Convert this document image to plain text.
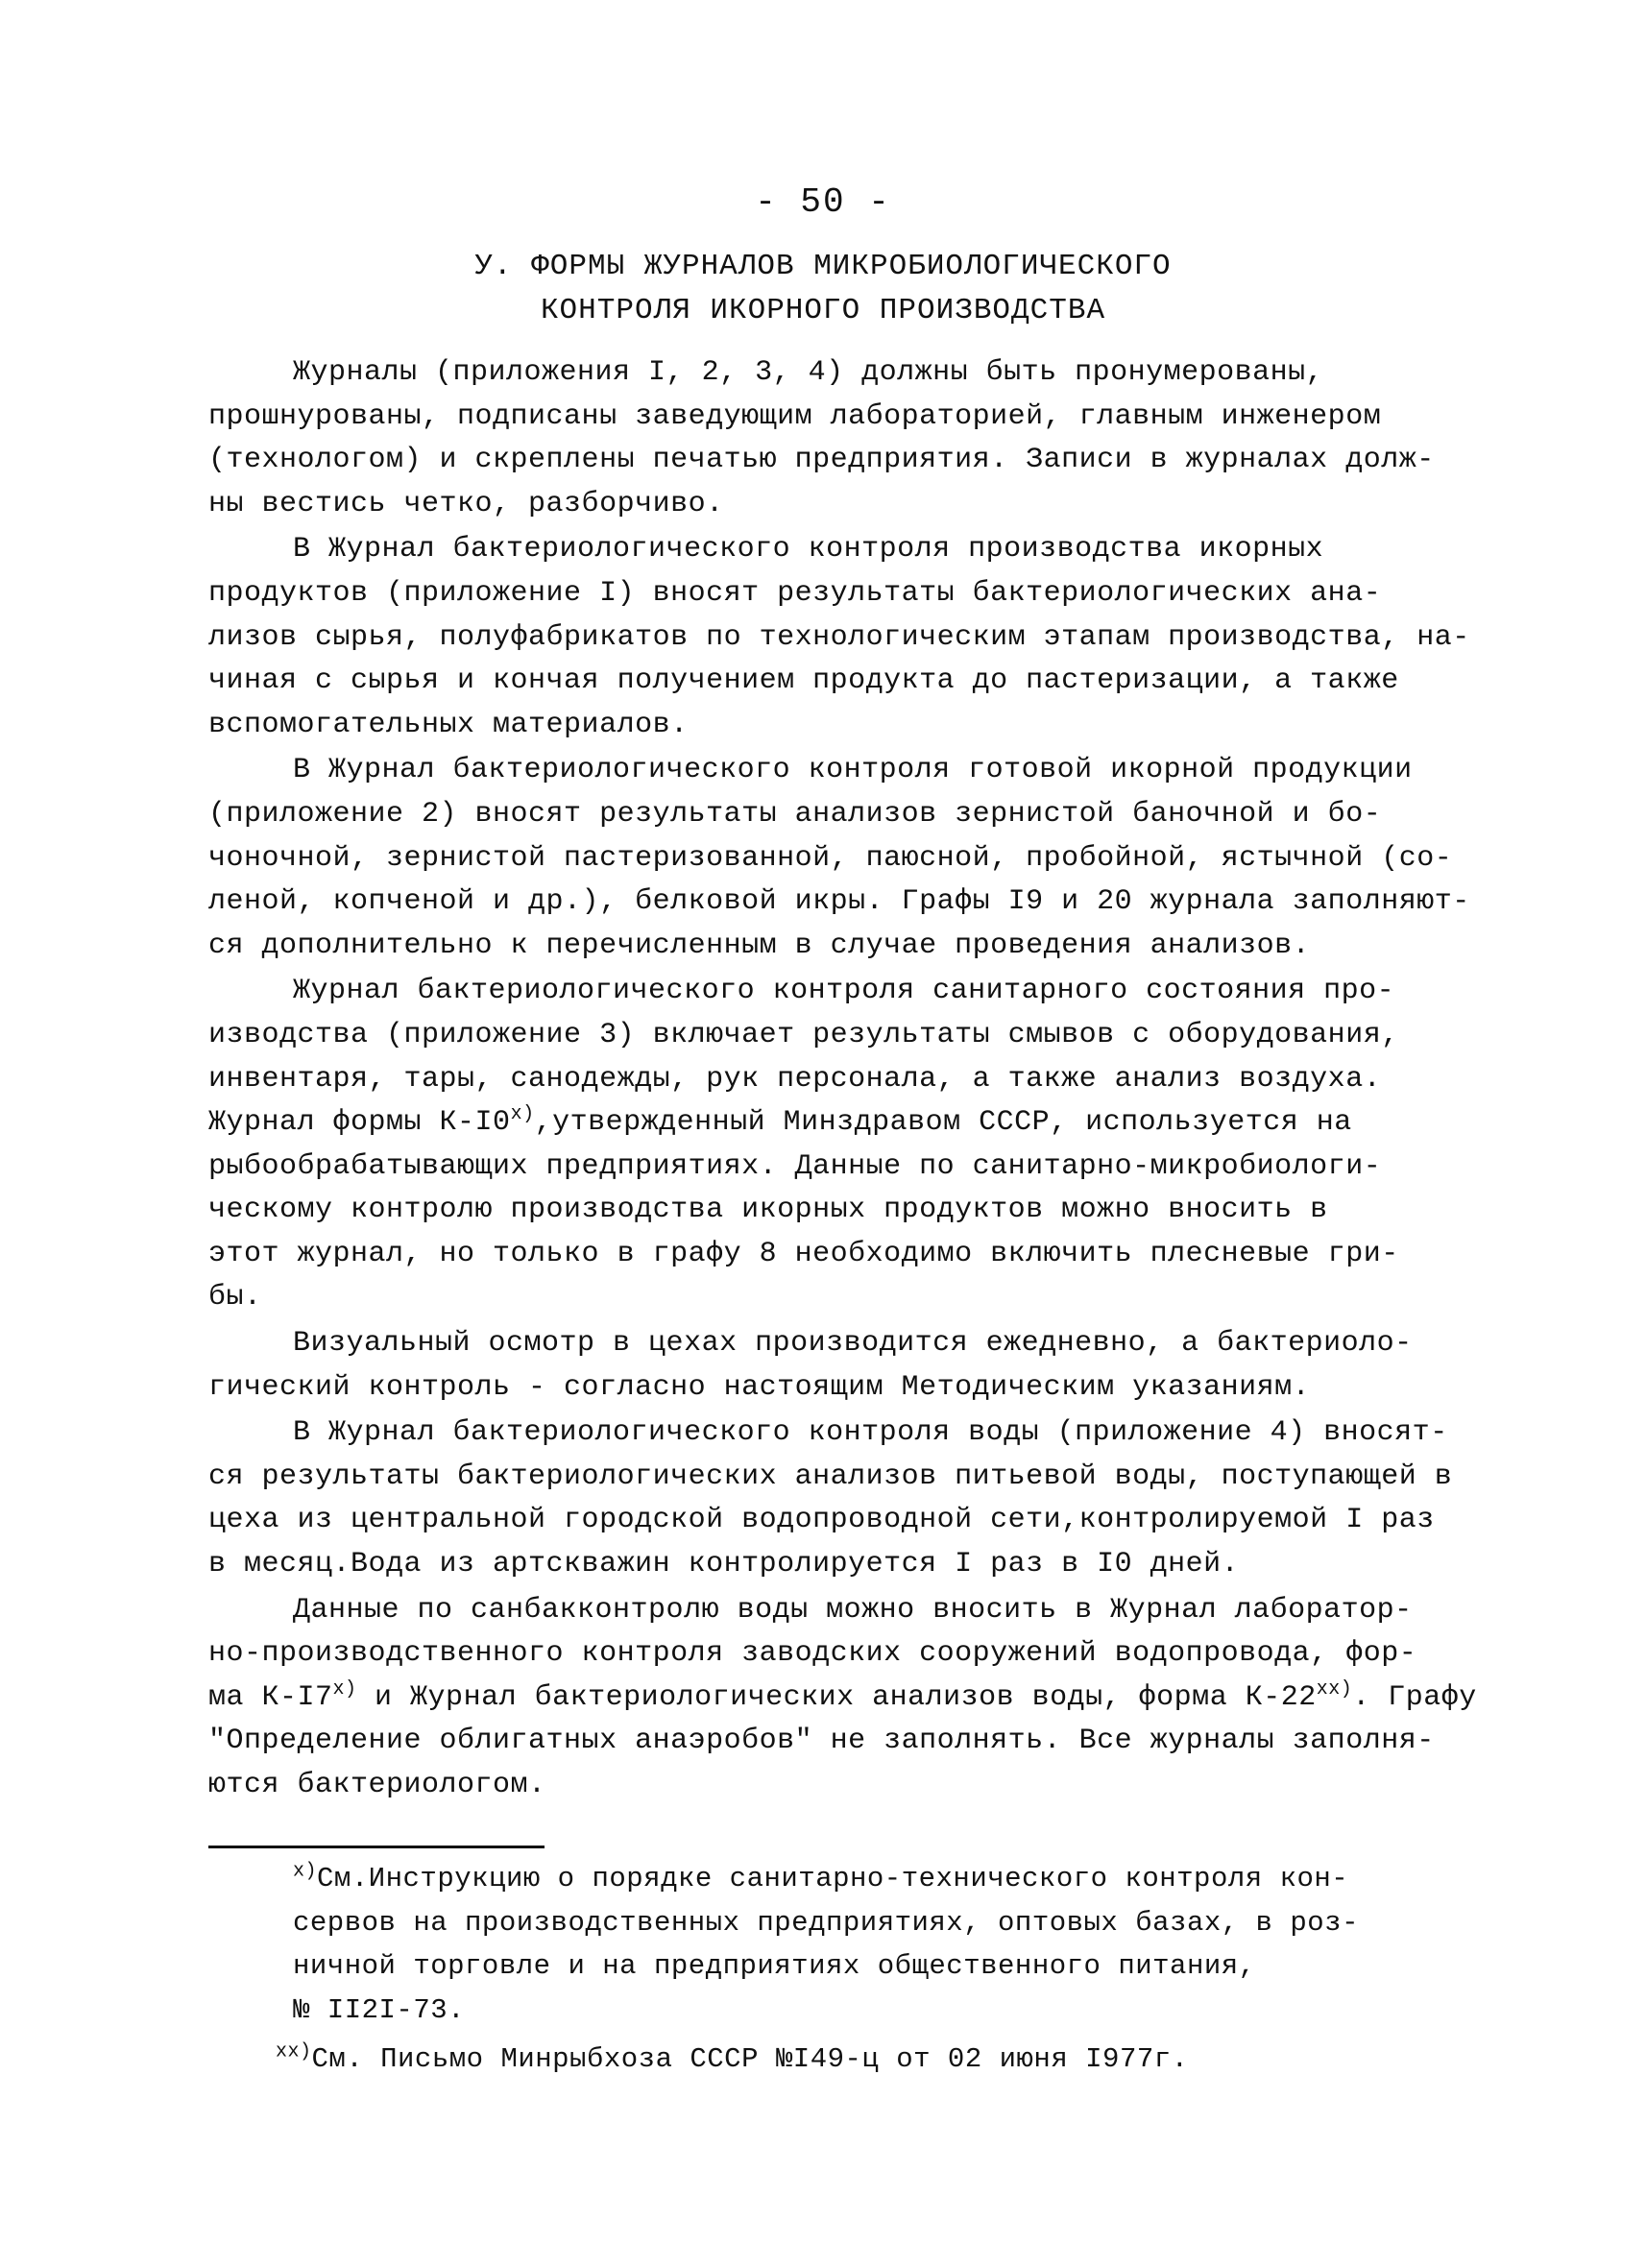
- 50 -
У. ФОРМЫ ЖУРНАЛОВ МИКРОБИОЛОГИЧЕСКОГО
КОНТРОЛЯ ИКОРНОГО ПРОИЗВОДСТВА
Журналы (приложения I, 2, 3, 4) должны быть пронумерованы,
прошнурованы, подписаны заведующим лабораторией, главным инженером
(технологом) и скреплены печатью предприятия. Записи в журналах долж-
ны вестись четко, разборчиво.
В Журнал бактериологического контроля производства икорных
продуктов (приложение I) вносят результаты бактериологических ана-
лизов сырья, полуфабрикатов по технологическим этапам производства, на-
чиная с сырья и кончая получением продукта до пастеризации, а также
вспомогательных материалов.
В Журнал бактериологического контроля готовой икорной продукции
(приложение 2) вносят результаты анализов зернистой баночной и бо-
чоночной, зернистой пастеризованной, паюсной, пробойной, ястычной (со-
леной, копченой и др.), белковой икры. Графы I9 и 20 журнала заполняют-
ся дополнительно к перечисленным в случае проведения анализов.
Журнал бактериологического контроля санитарного состояния про-
изводства (приложение 3) включает результаты смывов с оборудования,
инвентаря, тары, санодежды, рук персонала, а также анализ воздуха.
Журнал формы $К-I0^{х)},утвержденный$ Минздравом СССР, используется на
рыбообрабатывающих предприятиях. Данные по санитарно-микробиологи-
ческому контролю производства икорных продуктов можно вносить в
этот журнал, но только в графу 8 необходимо включить плесневые гри-
бы.
Визуальный осмотр в цехах производится ежедневно, а бактериоло-
гический контроль - согласно настоящим Методическим указаниям.
В Журнал бактериологического контроля воды (приложение 4) вносят-
ся результаты бактериологических анализов питьевой воды, поступающей в
цеха из центральной городской водопроводной сети,контролируемой I раз
в месяц.Вода из артскважин контролируется I раз в I0 дней.
Данные по санбакконтролю воды можно вносить в Журнал лаборатор-
но-производственного контроля заводских сооружений водопровода, фор-
ма $К-I7^{х)}$ и Журнал бактериологических анализов воды, форма $К-22^{хх)}$. Графу
"Определение облигатных анаэробов" не заполнять. Все журналы заполня-
ются бактериологом.
$^{х)}$См.Инструкцию о порядке санитарно-технического контроля кон-
сервов на производственных предприятиях, оптовых базах, в роз-
ничной торговле и на предприятиях общественного питания,
№ II2I-73.
$^{хх)}$См. Письмо Минрыбхоза СССР №I49-ц от 02 июня I977г.
